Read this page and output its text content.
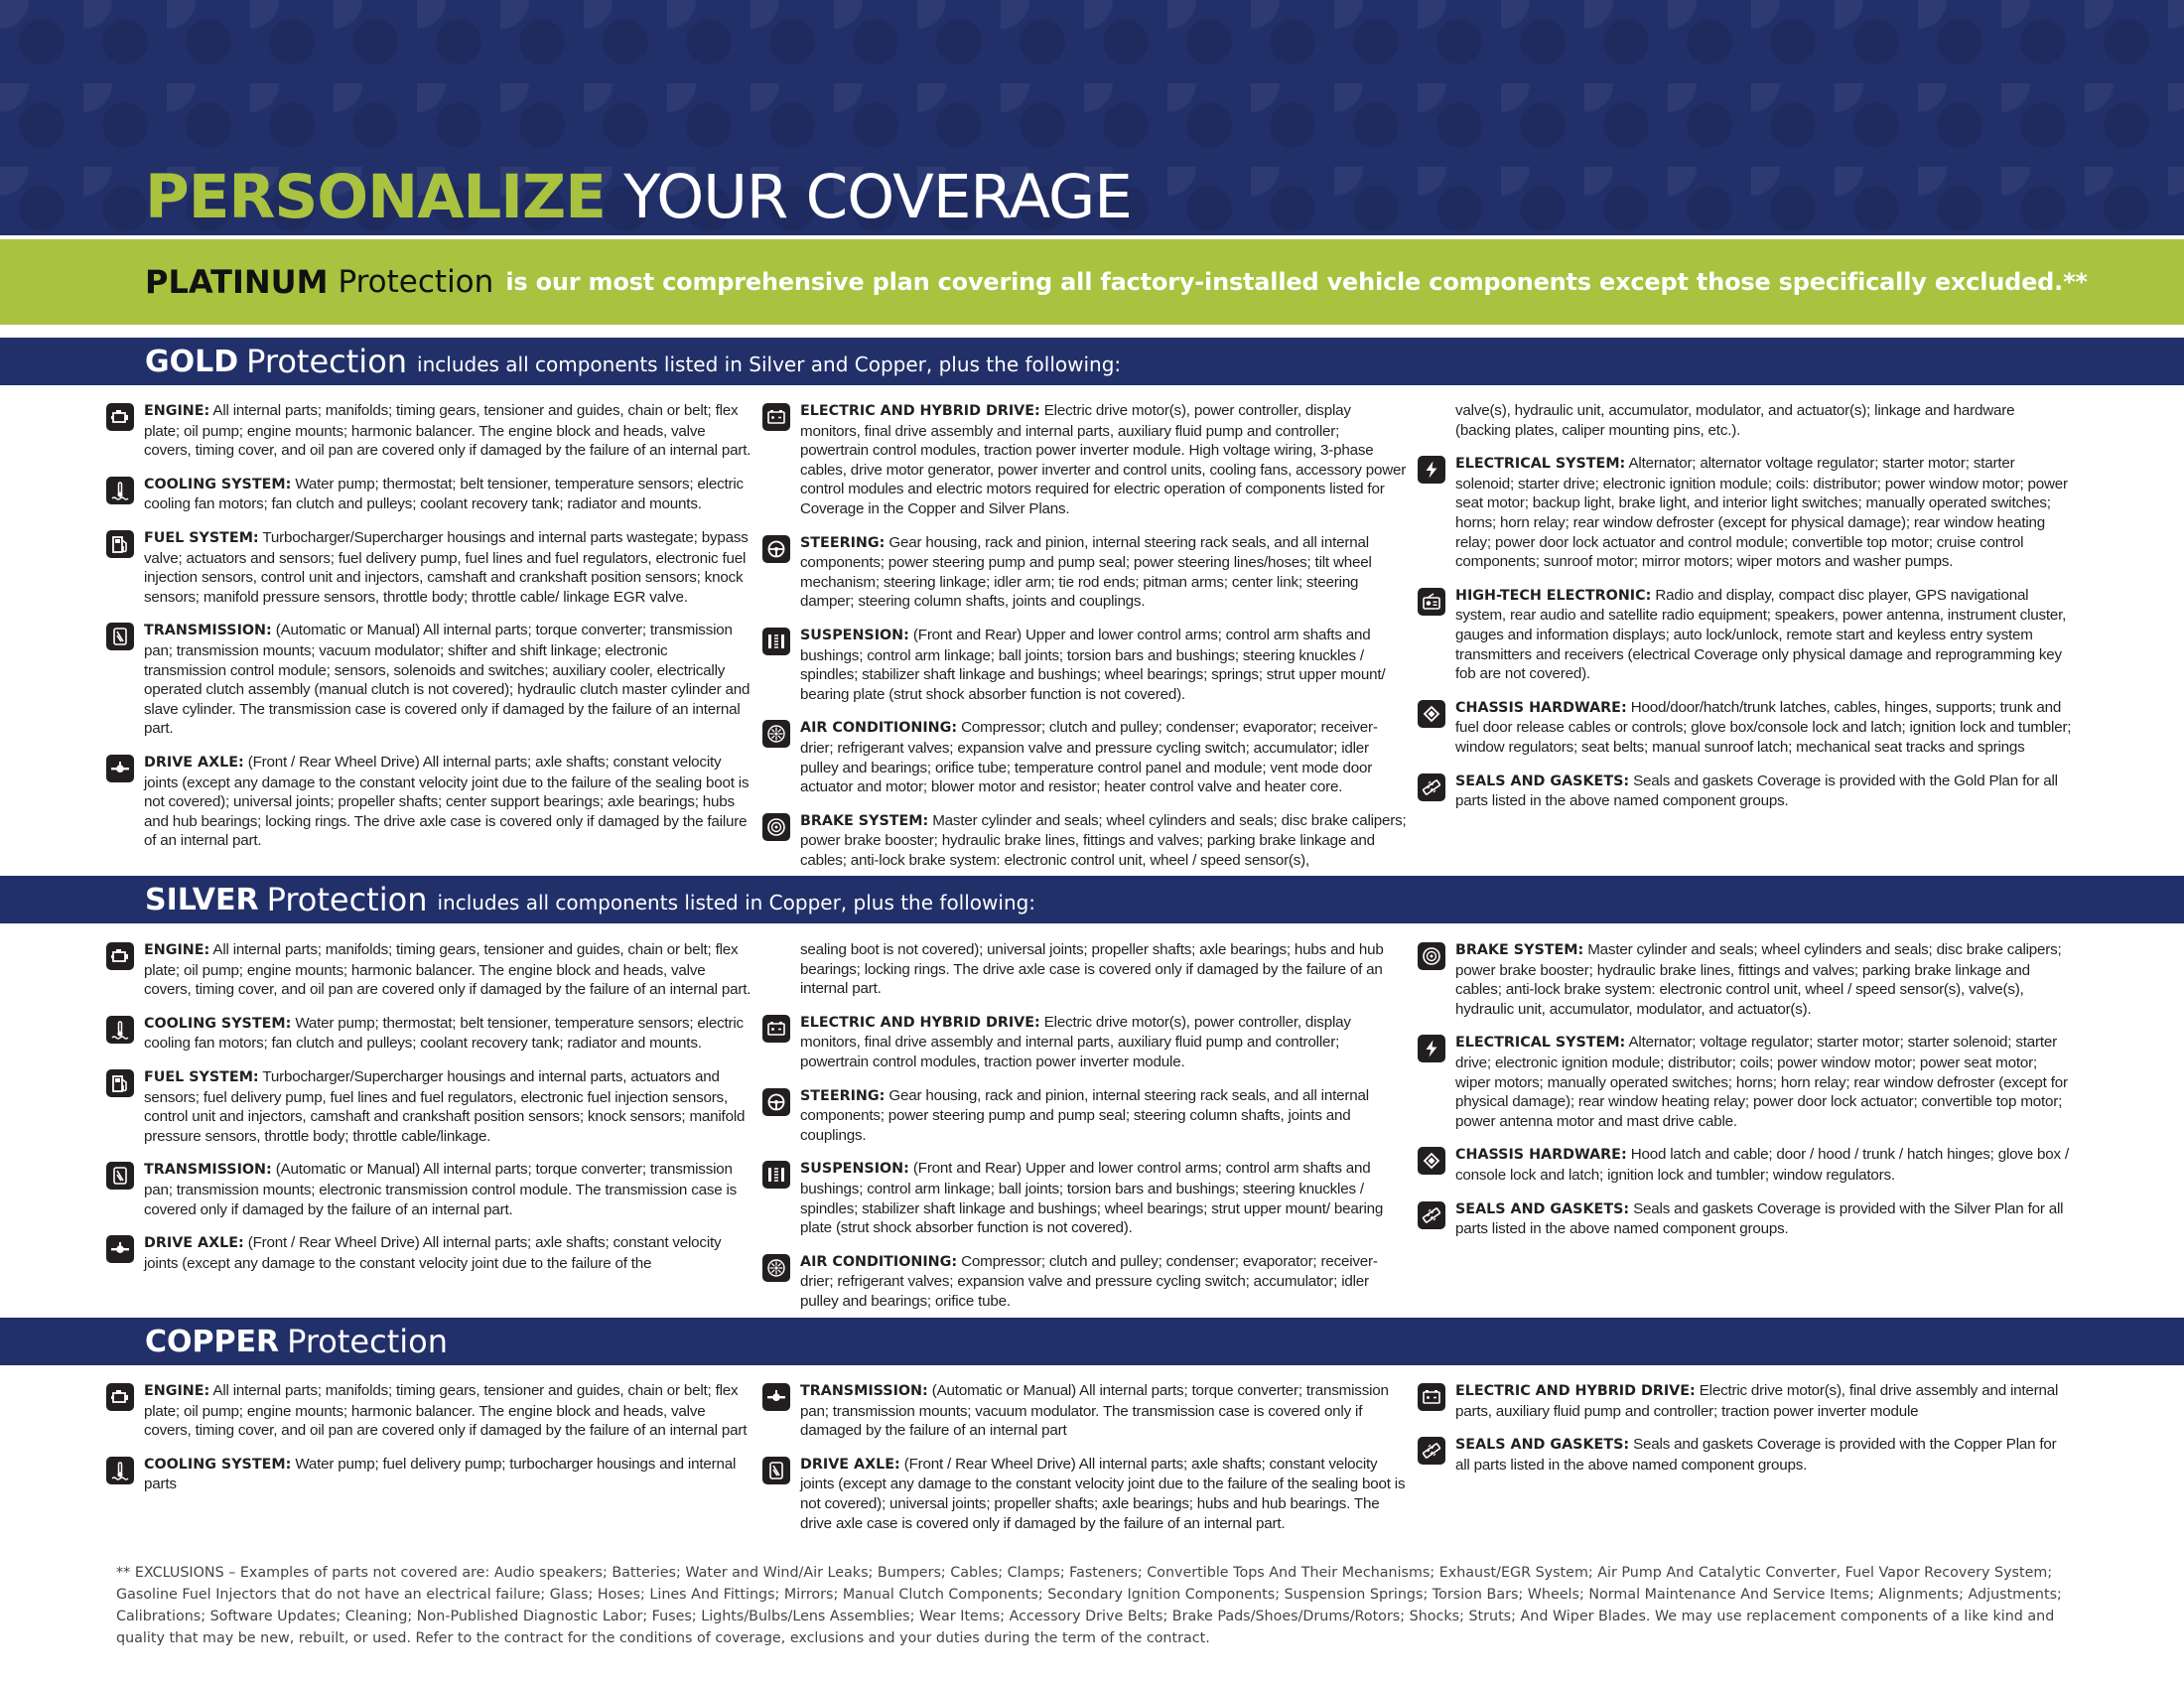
PERSONALIZE YOUR COVERAGE
PLATINUM Protection is our most comprehensive plan covering all factory-installed vehicle components except those specifically excluded.**
GOLD Protection includes all components listed in Silver and Copper, plus the following:
ENGINE: All internal parts; manifolds; timing gears, tensioner and guides, chain or belt; flex plate; oil pump; engine mounts; harmonic balancer. The engine block and heads, valve covers, timing cover, and oil pan are covered only if damaged by the failure of an internal part.
COOLING SYSTEM: Water pump; thermostat; belt tensioner, temperature sensors; electric cooling fan motors; fan clutch and pulleys; coolant recovery tank; radiator and mounts.
FUEL SYSTEM: Turbocharger/Supercharger housings and internal parts wastegate; bypass valve; actuators and sensors; fuel delivery pump, fuel lines and fuel regulators, electronic fuel injection sensors, control unit and injectors, camshaft and crankshaft position sensors; knock sensors; manifold pressure sensors, throttle body; throttle cable/ linkage EGR valve.
TRANSMISSION: (Automatic or Manual) All internal parts; torque converter; transmission pan; transmission mounts; vacuum modulator; shifter and shift linkage; electronic transmission control module; sensors, solenoids and switches; auxiliary cooler, electrically operated clutch assembly (manual clutch is not covered); hydraulic clutch master cylinder and slave cylinder. The transmission case is covered only if damaged by the failure of an internal part.
DRIVE AXLE: (Front / Rear Wheel Drive) All internal parts; axle shafts; constant velocity joints (except any damage to the constant velocity joint due to the failure of the sealing boot is not covered); universal joints; propeller shafts; center support bearings; axle bearings; hubs and hub bearings; locking rings. The drive axle case is covered only if damaged by the failure of an internal part.
ELECTRIC AND HYBRID DRIVE: Electric drive motor(s), power controller, display monitors, final drive assembly and internal parts, auxiliary fluid pump and controller; powertrain control modules, traction power inverter module. High voltage wiring, 3-phase cables, drive motor generator, power inverter and control units, cooling fans, accessory power control modules and electric motors required for electric operation of components listed for Coverage in the Copper and Silver Plans.
STEERING: Gear housing, rack and pinion, internal steering rack seals, and all internal components; power steering pump and pump seal; power steering lines/hoses; tilt wheel mechanism; steering linkage; idler arm; tie rod ends; pitman arms; center link; steering damper; steering column shafts, joints and couplings.
SUSPENSION: (Front and Rear) Upper and lower control arms; control arm shafts and bushings; control arm linkage; ball joints; torsion bars and bushings; steering knuckles / spindles; stabilizer shaft linkage and bushings; wheel bearings; springs; strut upper mount/ bearing plate (strut shock absorber function is not covered).
AIR CONDITIONING: Compressor; clutch and pulley; condenser; evaporator; receiver-drier; refrigerant valves; expansion valve and pressure cycling switch; accumulator; idler pulley and bearings; orifice tube; temperature control panel and module; vent mode door actuator and motor; blower motor and resistor; heater control valve and heater core.
BRAKE SYSTEM: Master cylinder and seals; wheel cylinders and seals; disc brake calipers; power brake booster; hydraulic brake lines, fittings and valves; parking brake linkage and cables; anti-lock brake system: electronic control unit, wheel / speed sensor(s),
valve(s), hydraulic unit, accumulator, modulator, and actuator(s); linkage and hardware (backing plates, caliper mounting pins, etc.).
ELECTRICAL SYSTEM: Alternator; alternator voltage regulator; starter motor; starter solenoid; starter drive; electronic ignition module; coils: distributor; power window motor; power seat motor; backup light, brake light, and interior light switches; manually operated switches; horns; horn relay; rear window defroster (except for physical damage); rear window heating relay; power door lock actuator and control module; convertible top motor; cruise control components; sunroof motor; mirror motors; wiper motors and washer pumps.
HIGH-TECH ELECTRONIC: Radio and display, compact disc player, GPS navigational system, rear audio and satellite radio equipment; speakers, power antenna, instrument cluster, gauges and information displays; auto lock/unlock, remote start and keyless entry system transmitters and receivers (electrical Coverage only physical damage and reprogramming key fob are not covered).
CHASSIS HARDWARE: Hood/door/hatch/trunk latches, cables, hinges, supports; trunk and fuel door release cables or controls; glove box/console lock and latch; ignition lock and tumbler; window regulators; seat belts; manual sunroof latch; mechanical seat tracks and springs
SEALS AND GASKETS: Seals and gaskets Coverage is provided with the Gold Plan for all parts listed in the above named component groups.
SILVER Protection includes all components listed in Copper, plus the following:
ENGINE: All internal parts; manifolds; timing gears, tensioner and guides, chain or belt; flex plate; oil pump; engine mounts; harmonic balancer. The engine block and heads, valve covers, timing cover, and oil pan are covered only if damaged by the failure of an internal part.
COOLING SYSTEM: Water pump; thermostat; belt tensioner, temperature sensors; electric cooling fan motors; fan clutch and pulleys; coolant recovery tank; radiator and mounts.
FUEL SYSTEM: Turbocharger/Supercharger housings and internal parts, actuators and sensors; fuel delivery pump, fuel lines and fuel regulators, electronic fuel injection sensors, control unit and injectors, camshaft and crankshaft position sensors; knock sensors; manifold pressure sensors, throttle body; throttle cable/linkage.
TRANSMISSION: (Automatic or Manual) All internal parts; torque converter; transmission pan; transmission mounts; electronic transmission control module. The transmission case is covered only if damaged by the failure of an internal part.
DRIVE AXLE: (Front / Rear Wheel Drive) All internal parts; axle shafts; constant velocity joints (except any damage to the constant velocity joint due to the failure of the
sealing boot is not covered); universal joints; propeller shafts; axle bearings; hubs and hub bearings; locking rings. The drive axle case is covered only if damaged by the failure of an internal part.
ELECTRIC AND HYBRID DRIVE: Electric drive motor(s), power controller, display monitors, final drive assembly and internal parts, auxiliary fluid pump and controller; powertrain control modules, traction power inverter module.
STEERING: Gear housing, rack and pinion, internal steering rack seals, and all internal components; power steering pump and pump seal; steering column shafts, joints and couplings.
SUSPENSION: (Front and Rear) Upper and lower control arms; control arm shafts and bushings; control arm linkage; ball joints; torsion bars and bushings; steering knuckles / spindles; stabilizer shaft linkage and bushings; wheel bearings; strut upper mount/ bearing plate (strut shock absorber function is not covered).
AIR CONDITIONING: Compressor; clutch and pulley; condenser; evaporator; receiver-drier; refrigerant valves; expansion valve and pressure cycling switch; accumulator; idler pulley and bearings; orifice tube.
BRAKE SYSTEM: Master cylinder and seals; wheel cylinders and seals; disc brake calipers; power brake booster; hydraulic brake lines, fittings and valves; parking brake linkage and cables; anti-lock brake system: electronic control unit, wheel / speed sensor(s), valve(s), hydraulic unit, accumulator, modulator, and actuator(s).
ELECTRICAL SYSTEM: Alternator; voltage regulator; starter motor; starter solenoid; starter drive; electronic ignition module; distributor; coils; power window motor; power seat motor; wiper motors; manually operated switches; horns; horn relay; rear window defroster (except for physical damage); rear window heating relay; power door lock actuator; convertible top motor; power antenna motor and mast drive cable.
CHASSIS HARDWARE: Hood latch and cable; door / hood / trunk / hatch hinges; glove box / console lock and latch; ignition lock and tumbler; window regulators.
SEALS AND GASKETS: Seals and gaskets Coverage is provided with the Silver Plan for all parts listed in the above named component groups.
COPPER Protection
ENGINE: All internal parts; manifolds; timing gears, tensioner and guides, chain or belt; flex plate; oil pump; engine mounts; harmonic balancer. The engine block and heads, valve covers, timing cover, and oil pan are covered only if damaged by the failure of an internal part
COOLING SYSTEM: Water pump; fuel delivery pump; turbocharger housings and internal parts
TRANSMISSION: (Automatic or Manual) All internal parts; torque converter; transmission pan; transmission mounts; vacuum modulator. The transmission case is covered only if damaged by the failure of an internal part
DRIVE AXLE: (Front / Rear Wheel Drive) All internal parts; axle shafts; constant velocity joints (except any damage to the constant velocity joint due to the failure of the sealing boot is not covered); universal joints; propeller shafts; axle bearings; hubs and hub bearings. The drive axle case is covered only if damaged by the failure of an internal part.
ELECTRIC AND HYBRID DRIVE: Electric drive motor(s), final drive assembly and internal parts, auxiliary fluid pump and controller; traction power inverter module
SEALS AND GASKETS: Seals and gaskets Coverage is provided with the Copper Plan for all parts listed in the above named component groups.
** EXCLUSIONS – Examples of parts not covered are: Audio speakers; Batteries; Water and Wind/Air Leaks; Bumpers; Cables; Clamps; Fasteners; Convertible Tops And Their Mechanisms; Exhaust/EGR System; Air Pump And Catalytic Converter, Fuel Vapor Recovery System; Gasoline Fuel Injectors that do not have an electrical failure; Glass; Hoses; Lines And Fittings; Mirrors; Manual Clutch Components; Secondary Ignition Components; Suspension Springs; Torsion Bars; Wheels; Normal Maintenance And Service Items; Alignments; Adjustments; Calibrations; Software Updates; Cleaning; Non-Published Diagnostic Labor; Fuses; Lights/Bulbs/Lens Assemblies; Wear Items; Accessory Drive Belts; Brake Pads/Shoes/Drums/Rotors; Shocks; Struts; And Wiper Blades. We may use replacement components of a like kind and quality that may be new, rebuilt, or used. Refer to the contract for the conditions of coverage, exclusions and your duties during the term of the contract.
